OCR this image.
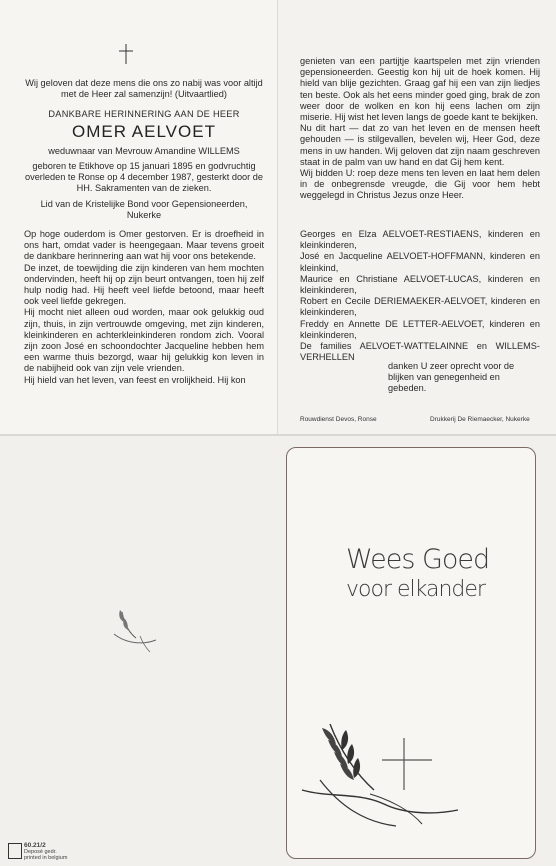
Wij geloven dat deze mens die ons zo nabij was voor altijd met de Heer zal samenzijn! (Uitvaartlied)
DANKBARE HERINNERING AAN DE HEER
OMER AELVOET
weduwnaar van Mevrouw Amandine WILLEMS
geboren te Etikhove op 15 januari 1895 en godvruchtig overleden te Ronse op 4 december 1987, gesterkt door de HH. Sakramenten van de zieken.
Lid van de Kristelijke Bond voor Gepensioneerden, Nukerke
Op hoge ouderdom is Omer gestorven. Er is droefheid in ons hart, omdat vader is heengegaan. Maar tevens groeit de dankbare herinnering aan wat hij voor ons betekende.
De inzet, de toewijding die zijn kinderen van hem mochten ondervinden, heeft hij op zijn beurt ontvangen, toen hij zelf hulp nodig had. Hij heeft veel liefde betoond, maar heeft ook veel liefde gekregen.
Hij mocht niet alleen oud worden, maar ook gelukkig oud zijn, thuis, in zijn vertrouwde omgeving, met zijn kinderen, kleinkinderen en achterkleinkinderen rondom zich. Vooral zijn zoon José en schoondochter Jacqueline hebben hem een warme thuis bezorgd, waar hij gelukkig kon leven in de nabijheid ook van zijn vele vrienden.
Hij hield van het leven, van feest en vrolijkheid. Hij kon
genieten van een partijtje kaartspelen met zijn vrienden gepensioneerden. Geestig kon hij uit de hoek komen. Hij hield van blije gezichten. Graag gaf hij een van zijn liedjes ten beste. Ook als het eens minder goed ging, brak de zon weer door de wolken en kon hij eens lachen om zijn miserie. Hij wist het leven langs de goede kant te bekijken.
Nu dit hart — dat zo van het leven en de mensen heeft gehouden — is stilgevallen, bevelen wij, Heer God, deze mens in uw handen. Wij geloven dat zijn naam geschreven staat in de palm van uw hand en dat Gij hem kent.
Wij bidden U: roep deze mens ten leven en laat hem delen in de onbegrensde vreugde, die Gij voor hem hebt weggelegd in Christus Jezus onze Heer.
Georges en Elza AELVOET-RESTIAENS, kinderen en kleinkinderen,
José en Jacqueline AELVOET-HOFFMANN, kinderen en kleinkind,
Maurice en Christiane AELVOET-LUCAS, kinderen en kleinkinderen,
Robert en Cecile DERIEMAEKER-AELVOET, kinderen en kleinkinderen,
Freddy en Annette DE LETTER-AELVOET, kinderen en kleinkinderen,
De families AELVOET-WATTELAINNE en WILLEMS-VERHELLEN
danken U zeer oprecht voor de blijken van genegenheid en gebeden.
Rouwdienst Devos, Ronse	Drukkerij De Riemaecker, Nukerke
Wees Goed
voor elkander
60.21/2
Deposé gedr.
printed in belgium
